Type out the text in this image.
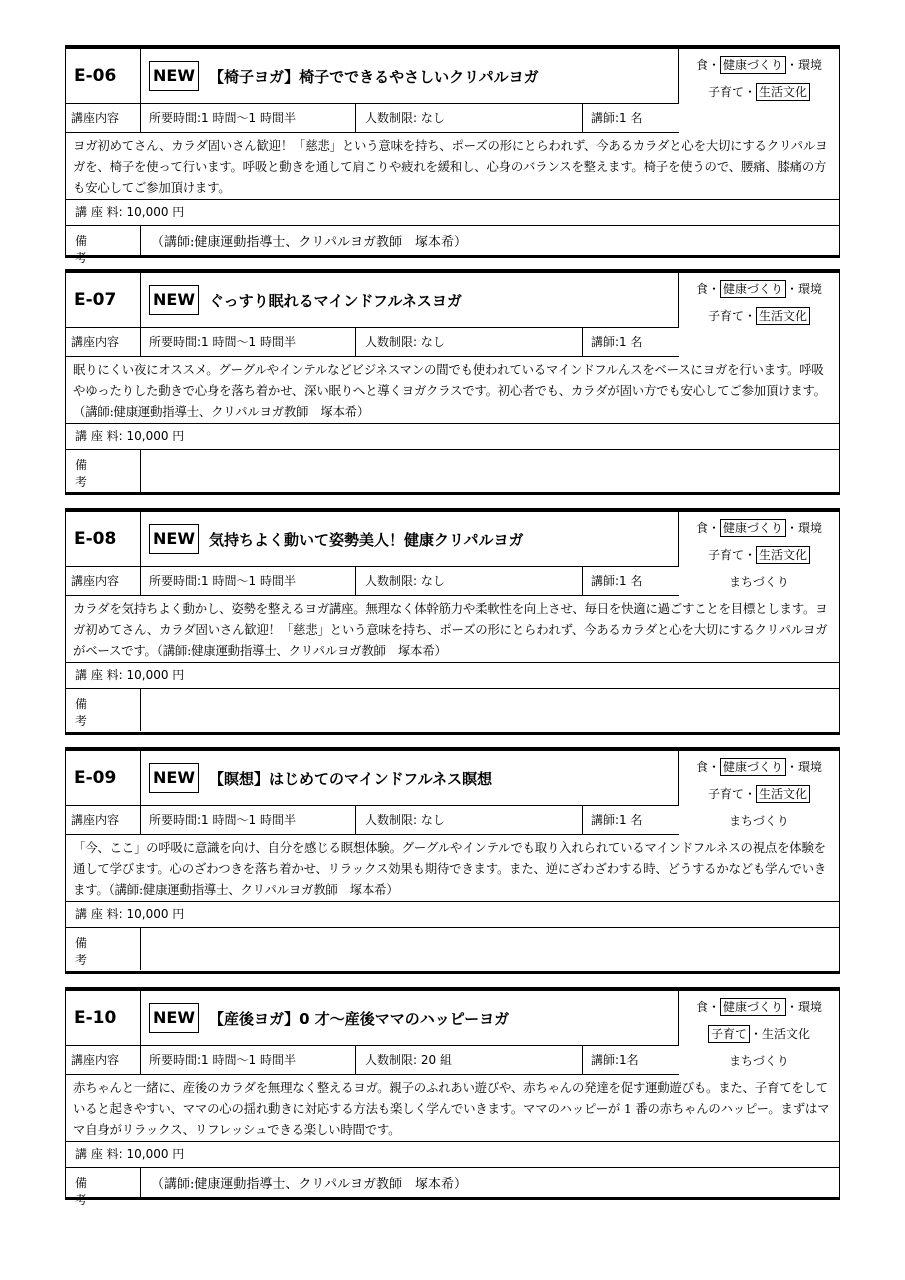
E-06	NEW 【椅子ヨガ】椅子でできるやさしいクリパルヨガ
食・ 健康づくり ・環境
子育て・ 生活文化
講座内容	所要時間:1 時間〜1 時間半	人数制限: なし	講師:1 名
ヨガ初めてさん、カラダ固いさん歓迎！「慈悲」という意味を持ち、ポーズの形にとらわれず、今あるカラダと心を大切にするクリパルヨガを、椅子を使って行います。呼吸と動きを通して肩こりや疲れを緩和し、心身のバランスを整えます。椅子を使うので、腰痛、膝痛の方も安心してご参加頂けます。
講 座 料: 10,000 円
備考
（講師:健康運動指導士、クリパルヨガ教師　塚本希）
E-07	NEW ぐっすり眠れるマインドフルネスヨガ
食・ 健康づくり ・環境
子育て・ 生活文化
講座内容	所要時間:1 時間〜1 時間半	人数制限: なし	講師:1 名
眠りにくい夜にオススメ。グーグルやインテルなどビジネスマンの間でも使われているマインドフルんスをベースにヨガを行います。呼吸やゆったりした動きで心身を落ち着かせ、深い眠りへと導くヨガクラスです。初心者でも、カラダが固い方でも安心してご参加頂けます。（講師:健康運動指導士、クリパルヨガ教師　塚本希）
講 座 料: 10,000 円
備考
E-08	NEW 気持ちよく動いて姿勢美人！健康クリパルヨガ
食・ 健康づくり ・環境
子育て・ 生活文化
まちづくり
講座内容	所要時間:1 時間〜1 時間半	人数制限: なし	講師:1 名
カラダを気持ちよく動かし、姿勢を整えるヨガ講座。無理なく体幹筋力や柔軟性を向上させ、毎日を快適に過ごすことを目標とします。ヨガ初めてさん、カラダ固いさん歓迎！「慈悲」という意味を持ち、ポーズの形にとらわれず、今あるカラダと心を大切にするクリパルヨガがベースです。（講師:健康運動指導士、クリパルヨガ教師　塚本希）
講 座 料: 10,000 円
備考
E-09	NEW 【瞑想】はじめてのマインドフルネス瞑想
食・ 健康づくり ・環境
子育て・ 生活文化
まちづくり
講座内容	所要時間:1 時間〜1 時間半	人数制限: なし	講師:1 名
「今、ここ」の呼吸に意識を向け、自分を感じる瞑想体験。グーグルやインテルでも取り入れられているマインドフルネスの視点を体験を通して学びます。心のざわつきを落ち着かせ、リラックス効果も期待できます。また、逆にざわざわする時、どうするかなども学んでいきます。（講師:健康運動指導士、クリパルヨガ教師　塚本希）
講 座 料: 10,000 円
備考
E-10	NEW 【産後ヨガ】0 才〜産後ママのハッピーヨガ
食・ 健康づくり ・環境
子育て ・生活文化
まちづくり
講座内容	所要時間:1 時間〜1 時間半	人数制限: 20 組	講師:1名
赤ちゃんと一緒に、産後のカラダを無理なく整えるヨガ。親子のふれあい遊びや、赤ちゃんの発達を促す運動遊びも。また、子育てをしていると起きやすい、ママの心の揺れ動きに対応する方法も楽しく学んでいきます。ママのハッピーが 1 番の赤ちゃんのハッピー。まずはママ自身がリラックス、リフレッシュできる楽しい時間です。
講 座 料: 10,000 円
備考
（講師:健康運動指導士、クリパルヨガ教師　塚本希）
